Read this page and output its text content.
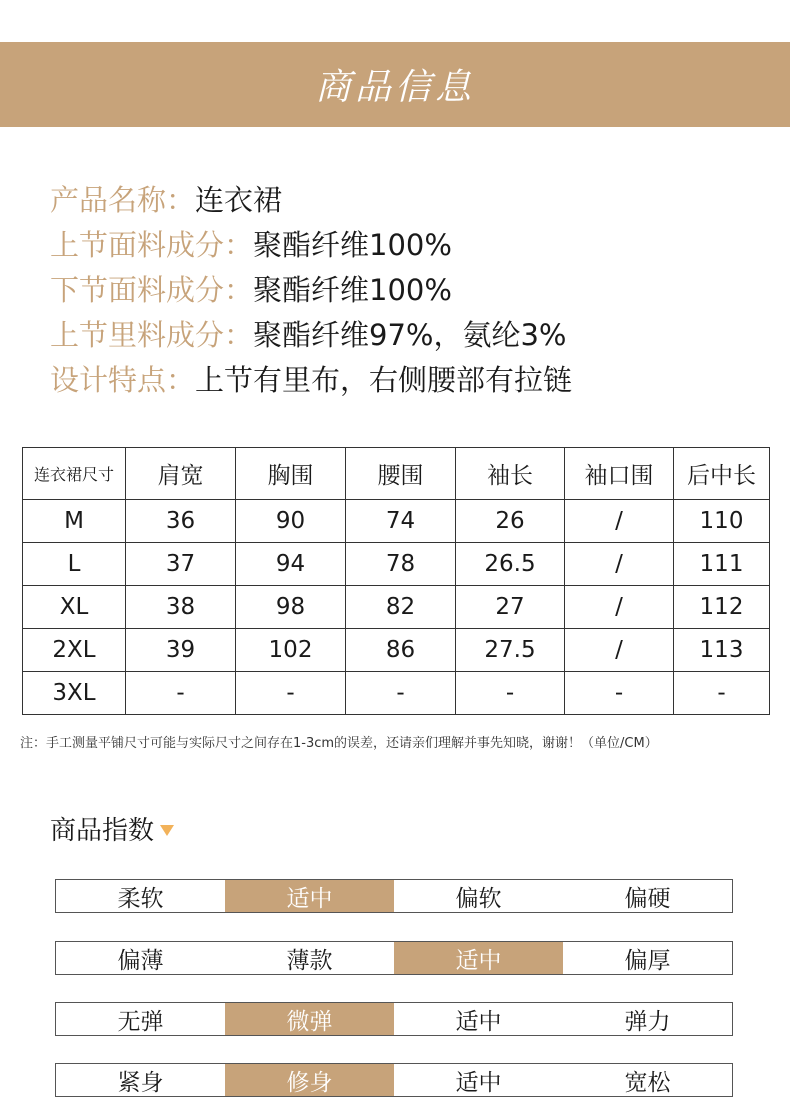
商品信息
产品名称：连衣裙
上节面料成分：聚酯纤维100%
下节面料成分：聚酯纤维100%
上节里料成分：聚酯纤维97%，氨纶3%
设计特点：上节有里布，右侧腰部有拉链
连衣裙尺寸	肩宽	胸围	腰围	袖长	袖口围	后中长
M	36	90	74	26	/	110
L	37	94	78	26.5	/	111
XL	38	98	82	27	/	112
2XL	39	102	86	27.5	/	113
3XL	-	-	-	-	-	-
注：手工测量平铺尺寸可能与实际尺寸之间存在1-3cm的误差，还请亲们理解并事先知晓，谢谢！（单位/CM）
商品指数
柔软	适中	偏软	偏硬
偏薄	薄款	适中	偏厚
无弹	微弹	适中	弹力
紧身	修身	适中	宽松
